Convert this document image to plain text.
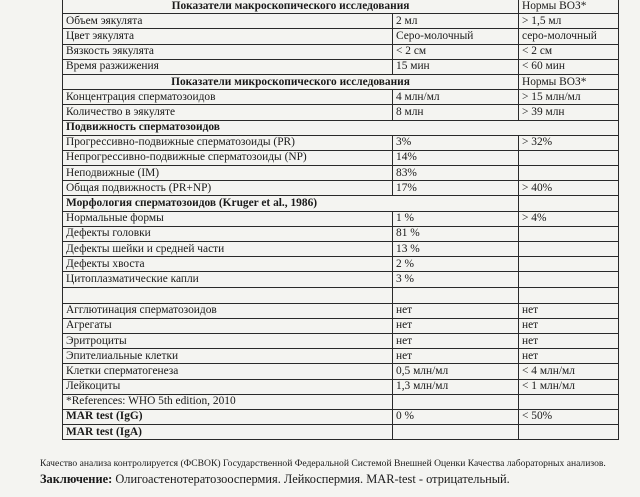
Показатели макроскопического исследования		Нормы ВОЗ*
Объем эякулята	2 мл	> 1,5 мл
Цвет эякулята	Серо-молочный	серо-молочный
Вязкость эякулята	< 2 см	< 2 см
Время разжижения	15 мин	< 60 мин
Показатели микроскопического исследования		Нормы ВОЗ*
Концентрация сперматозоидов	4 млн/мл	> 15 млн/мл
Количество в эякуляте	8 млн	> 39 млн
Подвижность сперматозоидов		
Прогрессивно-подвижные сперматозоиды (PR)	3%	> 32%
Непрогрессивно-подвижные сперматозоиды (NP)	14%	
Неподвижные (IM)	83%	
Общая подвижность (PR+NP)	17%	> 40%
Морфология сперматозоидов (Kruger et al., 1986)		
Нормальные формы	1 %	> 4%
Дефекты головки	81 %	
Дефекты шейки и средней части	13 %	
Дефекты хвоста	2 %	
Цитоплазматические капли	3 %	

Агглютинация сперматозоидов	нет	нет
Агрегаты	нет	нет
Эритроциты	нет	нет
Эпителиальные клетки	нет	нет
Клетки сперматогенеза	0,5 млн/мл	< 4 млн/мл
Лейкоциты	1,3 млн/мл	< 1 млн/мл
*References: WHO 5th edition, 2010		
MAR test (IgG)	0 %	< 50%
MAR test (IgA)		
Качество анализа контролируется (ФСВОК) Государственной Федеральной Системой Внешней Оценки Качества лабораторных анализов.
Заключение: Олигоастенотератозооспермия. Лейкоспермия. MAR-test - отрицательный.
